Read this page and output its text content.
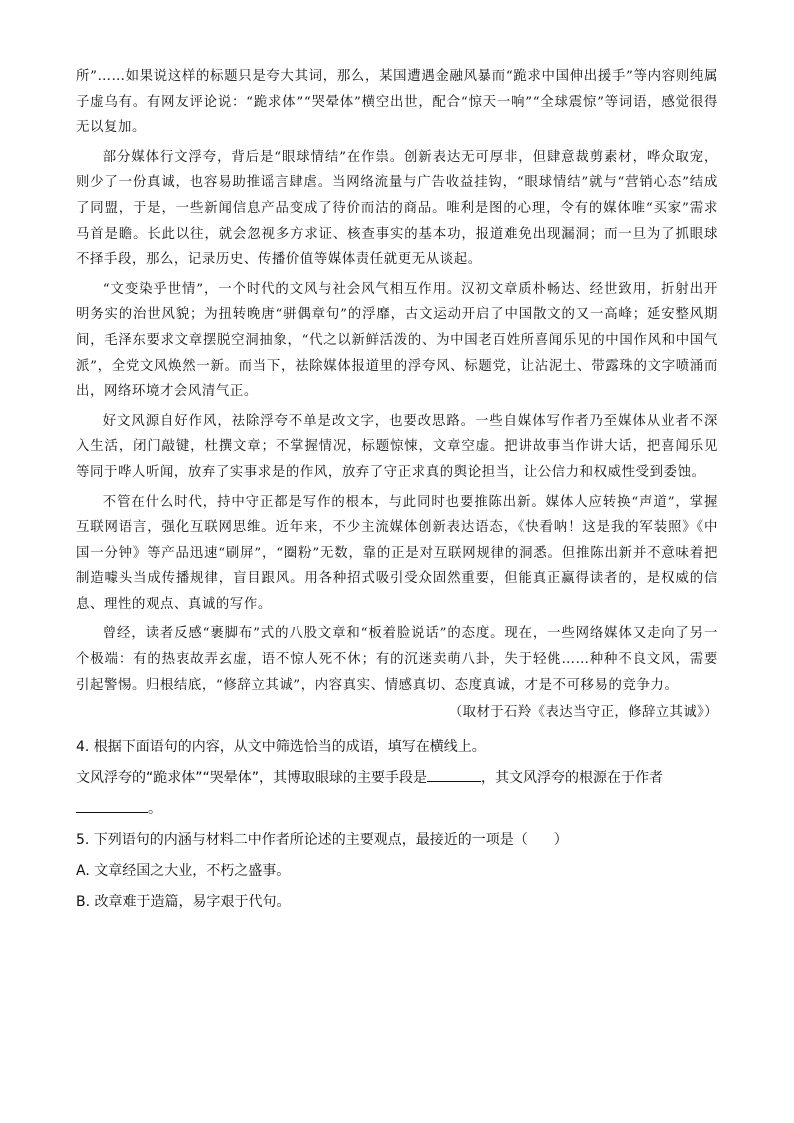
所”……如果说这样的标题只是夸大其词，那么，某国遭遇金融风暴而“跪求中国伸出援手”等内容则纯属子虚乌有。有网友评论说：“跪求体”“哭晕体”横空出世，配合“惊天一响”“全球震惊”等词语，感觉很得无以复加。

部分媒体行文浮夸，背后是“眼球情结”在作祟。创新表达无可厚非，但肆意裁剪素材，哗众取宠，则少了一份真诚，也容易助推谣言肆虐。当网络流量与广告收益挂钩，“眼球情结”就与“营销心态”结成了同盟，于是，一些新闻信息产品变成了待价而沽的商品。唯利是图的心理，令有的媒体唯“买家”需求马首是瞻。长此以往，就会忽视多方求证、核查事实的基本功，报道难免出现漏洞；而一旦为了抓眼球不择手段，那么，记录历史、传播价值等媒体责任就更无从谈起。

“文变染乎世情”，一个时代的文风与社会风气相互作用。汉初文章质朴畅达、经世致用，折射出开明务实的治世风貌；为扭转晚唐“骈偶章句”的浮靡，古文运动开启了中国散文的又一高峰；延安整风期间，毛泽东要求文章摆脱空洞抽象，“代之以新鲜活泼的、为中国老百姓所喜闻乐见的中国作风和中国气派”，全党文风焕然一新。而当下，祛除媒体报道里的浮夸风、标题党，让沾泥土、带露珠的文字喷涌而出，网络环境才会风清气正。

好文风源自好作风，祛除浮夸不单是改文字，也要改思路。一些自媒体写作者乃至媒体从业者不深入生活，闭门敲键，杜撰文章；不掌握情况，标题惊悚，文章空虚。把讲故事当作讲大话，把喜闻乐见等同于哗人听闻，放弃了实事求是的作风，放弃了守正求真的舆论担当，让公信力和权威性受到委蚀。

不管在什么时代，持中守正都是写作的根本，与此同时也要推陈出新。媒体人应转换“声道”，掌握互联网语言，强化互联网思维。近年来，不少主流媒体创新表达语态，《快看呐！这是我的军装照》《中国一分钟》等产品迅速“刷屏”，“圈粉”无数，靠的正是对互联网规律的洞悉。但推陈出新并不意味着把制造噱头当成传播规律，盲目跟风。用各种招式吸引受众固然重要，但能真正赢得读者的，是权威的信息、理性的观点、真诚的写作。

曾经，读者反感“裹脚布”式的八股文章和“板着脸说话”的态度。现在，一些网络媒体又走向了另一个极端：有的热衷故弄玄虚，语不惊人死不休；有的沉迷卖萌八卦，失于轻佻……种种不良文风，需要引起警惕。归根结底，“修辞立其诚”，内容真实、情感真切、态度真诚，才是不可移易的竞争力。

（取材于石羚《表达当守正，修辞立其诚》）

4. 根据下面语句的内容，从文中筛选恰当的成语，填写在横线上。

文风浮夸的“跪求体”“哭晕体”，其博取眼球的主要手段是	，其文风浮夸的根源在于作者

。

5. 下列语句的内涵与材料二中作者所论述的主要观点，最接近的一项是（ ）

A. 文章经国之大业，不朽之盛事。

B. 改章难于造篇，易字艰于代句。
